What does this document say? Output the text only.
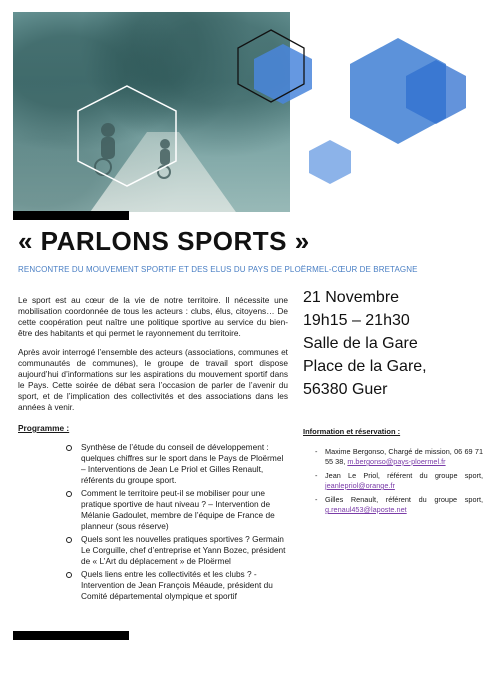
« PARLONS SPORTS »

RENCONTRE DU MOUVEMENT SPORTIF ET DES ELUS DU PAYS DE PLOËRMEL-CŒUR DE BRETAGNE

Le sport est au cœur de la vie de notre territoire. Il nécessite une mobilisation coordonnée de tous les acteurs : clubs, élus, citoyens… De cette coopération peut naître une politique sportive au service du bien-être des habitants et qui permet le rayonnement du territoire.

Après avoir interrogé l’ensemble des acteurs (associations, communes et communautés de communes), le groupe de travail sport dispose aujourd’hui d’informations sur les aspirations du mouvement sportif dans le Pays. Cette soirée de débat sera l’occasion de parler de l’avenir du sport, et de l’implication des collectivités et des associations dans les années à venir.

Programme :
Synthèse de l’étude du conseil de développement : quelques chiffres sur le sport dans le Pays de Ploërmel – Interventions de Jean Le Priol et Gilles Renault, référents du groupe sport.
Comment le territoire peut-il se mobiliser pour une pratique sportive de haut niveau ? – Intervention de Mélanie Gadoulet, membre de l’équipe de France de planneur (sous réserve)
Quels sont les nouvelles pratiques sportives ? Germain Le Corguille, chef d’entreprise et Yann Bozec, président de « L’Art du déplacement » de Ploërmel
Quels liens entre les collectivités et les clubs ? - Intervention de Jean François Méaude, président du Comité départemental olympique et sportif
21 Novembre
19h15 – 21h30
Salle de la Gare
Place de la Gare,
56380 Guer
Information et réservation :
- Maxime Bergonso, Chargé de mission, 06 69 71 55 38, m.bergonso@pays-ploermel.fr
- Jean Le Priol, référent du groupe sport, jeanlepriol@orange.fr
- Gilles Renault, référent du groupe sport, g.renaul453@laposte.net
